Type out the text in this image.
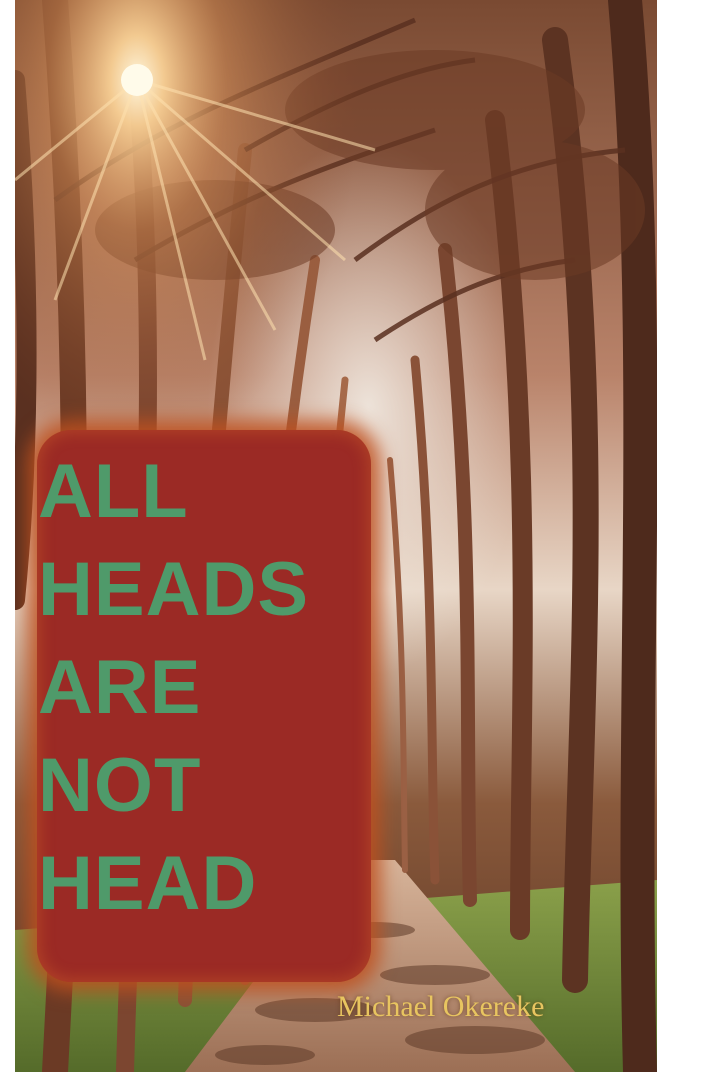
ALL
HEADS
ARE
NOT
HEAD
Michael Okereke
